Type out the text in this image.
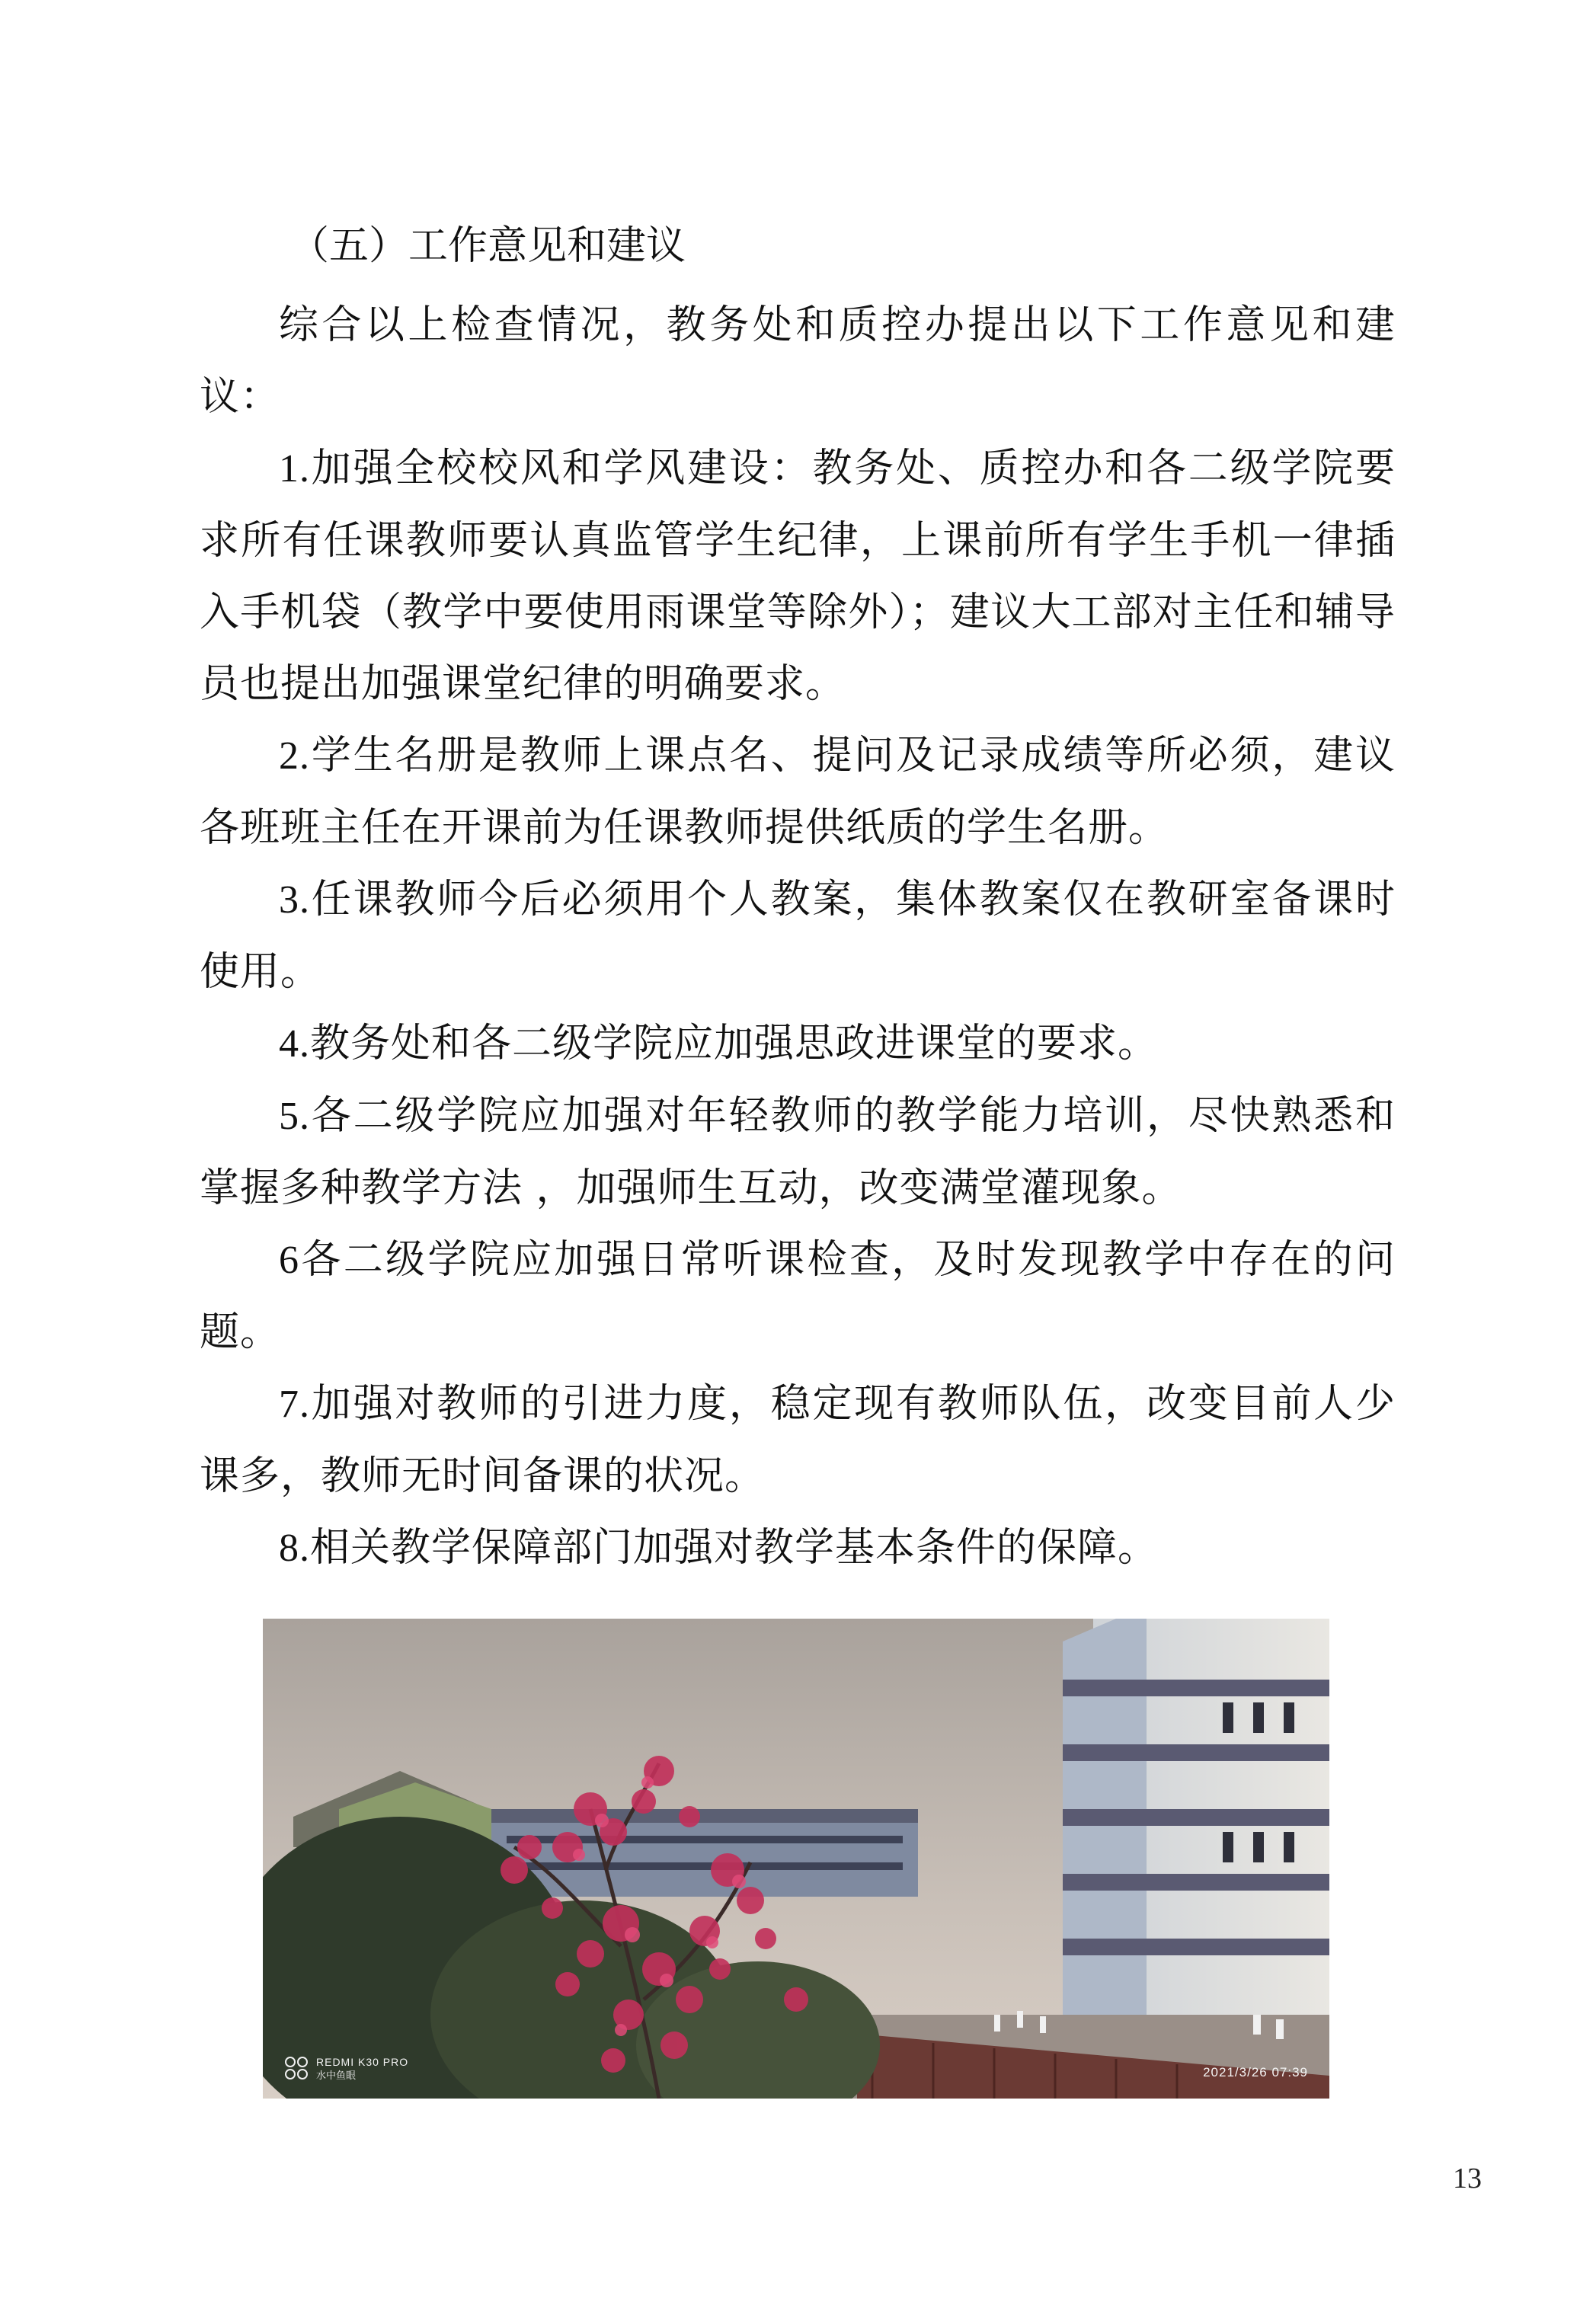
（五）工作意见和建议

综合以上检查情况，教务处和质控办提出以下工作意见和建议：

1.加强全校校风和学风建设：教务处、质控办和各二级学院要求所有任课教师要认真监管学生纪律，上课前所有学生手机一律插入手机袋（教学中要使用雨课堂等除外）；建议大工部对主任和辅导员也提出加强课堂纪律的明确要求。

2.学生名册是教师上课点名、提问及记录成绩等所必须，建议各班班主任在开课前为任课教师提供纸质的学生名册。

3.任课教师今后必须用个人教案，集体教案仅在教研室备课时使用。

4.教务处和各二级学院应加强思政进课堂的要求。

5.各二级学院应加强对年轻教师的教学能力培训，尽快熟悉和掌握多种教学方法 ，加强师生互动，改变满堂灌现象。

6各二级学院应加强日常听课检查，及时发现教学中存在的问题。

7.加强对教师的引进力度，稳定现有教师队伍，改变目前人少课多，教师无时间备课的状况。

8.相关教学保障部门加强对教学基本条件的保障。

REDMI K30 PRO
水中鱼眼	2021/3/26 07:39
13
